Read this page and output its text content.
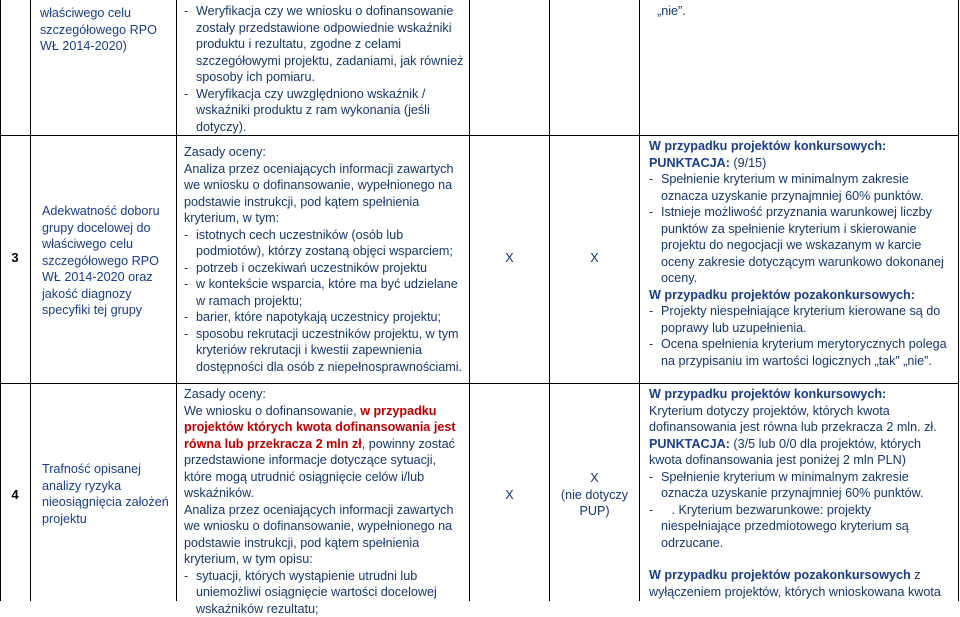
właściwego celu

szczegółowego RPO

WŁ 2014-2020)

- Weryfikacja czy we wniosku o dofinansowanie zostały przedstawione odpowiednie wskaźniki produktu i rezultatu, zgodne z celami szczegółowymi projektu, zadaniami, jak również sposoby ich pomiaru.
- Weryfikacja czy uwzględniono wskaźnik / wskaźniki produktu z ram wykonania (jeśli dotyczy).

„nie”.

3

Adekwatność doboru

grupy docelowej do

właściwego celu

szczegółowego RPO

WŁ 2014-2020 oraz

jakość diagnozy

specyfiki tej grupy

Zasady oceny:

Analiza przez oceniających informacji zawartych we wniosku o dofinansowanie, wypełnionego na podstawie instrukcji, pod kątem spełnienia kryterium, w tym:

- istotnych cech uczestników (osób lub podmiotów), którzy zostaną objęci wsparciem;
- potrzeb i oczekiwań uczestników projektu
- w kontekście wsparcia, które ma być udzielane w ramach projektu;
- barier, które napotykają uczestnicy projektu;
- sposobu rekrutacji uczestników projektu, w tym kryteriów rekrutacji i kwestii zapewnienia dostępności dla osób z niepełnosprawnościami.
X	X

W przypadku projektów konkursowych:

PUNKTACJA: (9/15)

- Spełnienie kryterium w minimalnym zakresie oznacza uzyskanie przynajmniej 60% punktów.
- Istnieje możliwość przyznania warunkowej liczby punktów za spełnienie kryterium i skierowanie projektu do negocjacji we wskazanym w karcie oceny zakresie dotyczącym warunkowo dokonanej oceny.

W przypadku projektów pozakonkursowych:

- Projekty niespełniające kryterium kierowane są do poprawy lub uzupełnienia.
- Ocena spełnienia kryterium merytorycznych polega na przypisaniu im wartości logicznych „tak” „nie”.
4

Trafność opisanej

analizy ryzyka

nieosiągnięcia założeń

projektu

Zasady oceny:

We wniosku o dofinansowanie, w przypadku projektów których kwota dofinansowania jest równa lub przekracza 2 mln zł, powinny zostać przedstawione informacje dotyczące sytuacji, które mogą utrudnić osiągnięcie celów i/lub wskaźników.

Analiza przez oceniających informacji zawartych we wniosku o dofinansowanie, wypełnionego na podstawie instrukcji, pod kątem spełnienia kryterium, w tym opisu:

- sytuacji, których wystąpienie utrudni lub uniemożliwi osiągnięcie wartości docelowej wskaźników rezultatu;
X

X

(nie dotyczy

PUP)

W przypadku projektów konkursowych:

Kryterium dotyczy projektów, których kwota dofinansowania jest równa lub przekracza 2 mln. zł.

PUNKTACJA: (3/5 lub 0/0 dla projektów, których kwota dofinansowania jest poniżej 2 mln PLN)

- Spełnienie kryterium w minimalnym zakresie oznacza uzyskanie przynajmniej 60% punktów.
- . Kryterium bezwarunkowe: projekty niespełniające przedmiotowego kryterium są odrzucane.

W przypadku projektów pozakonkursowych z wyłączeniem projektów, których wnioskowana kwota
